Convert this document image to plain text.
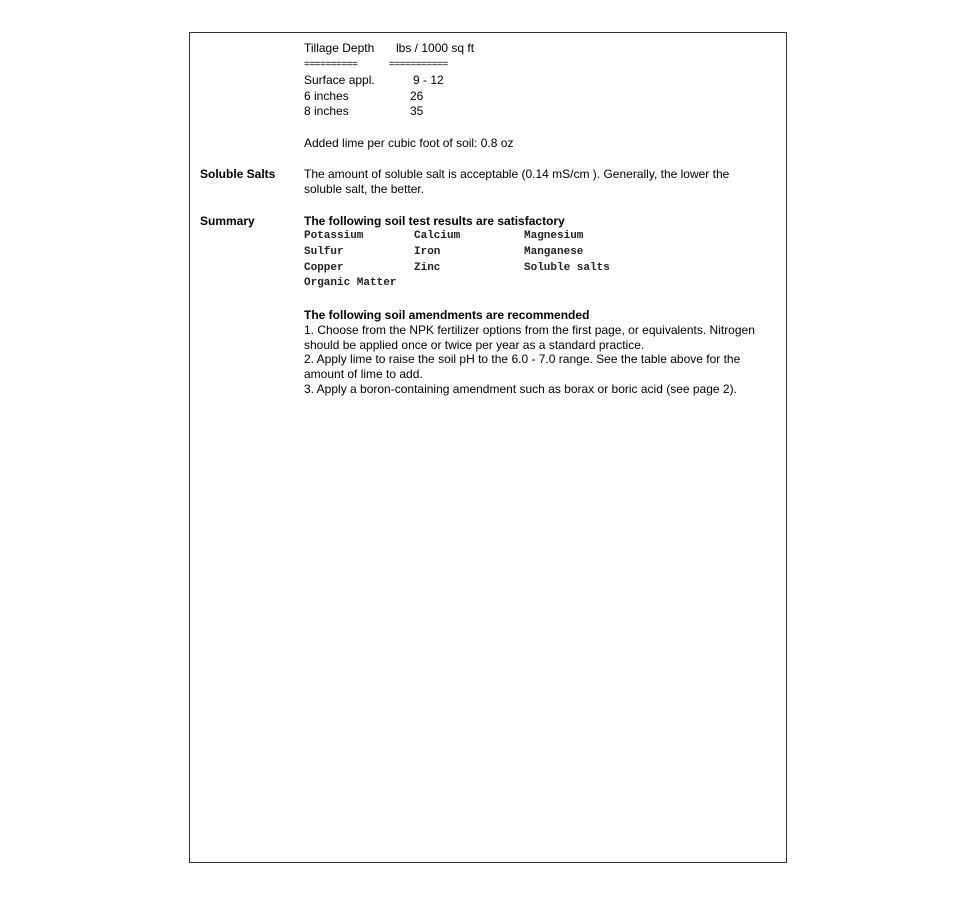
Tillage Depth lbs / 1000 sq ft
==========	===========
Surface appl.	9 - 12
6 inches	26
8 inches	35
Added lime per cubic foot of soil: 0.8 oz
Soluble Salts The amount of soluble salt is acceptable (0.14 mS/cm ). Generally, the lower the
soluble salt, the better.
Summary	The following soil test results are satisfactory
Potassium	Calcium	Magnesium
Sulfur	Iron	Manganese
Copper	Zinc	Soluble salts
Organic Matter
The following soil amendments are recommended
1. Choose from the NPK fertilizer options from the first page, or equivalents. Nitrogen
should be applied once or twice per year as a standard practice.
2. Apply lime to raise the soil pH to the 6.0 - 7.0 range. See the table above for the
amount of lime to add.
3. Apply a boron-containing amendment such as borax or boric acid (see page 2).
